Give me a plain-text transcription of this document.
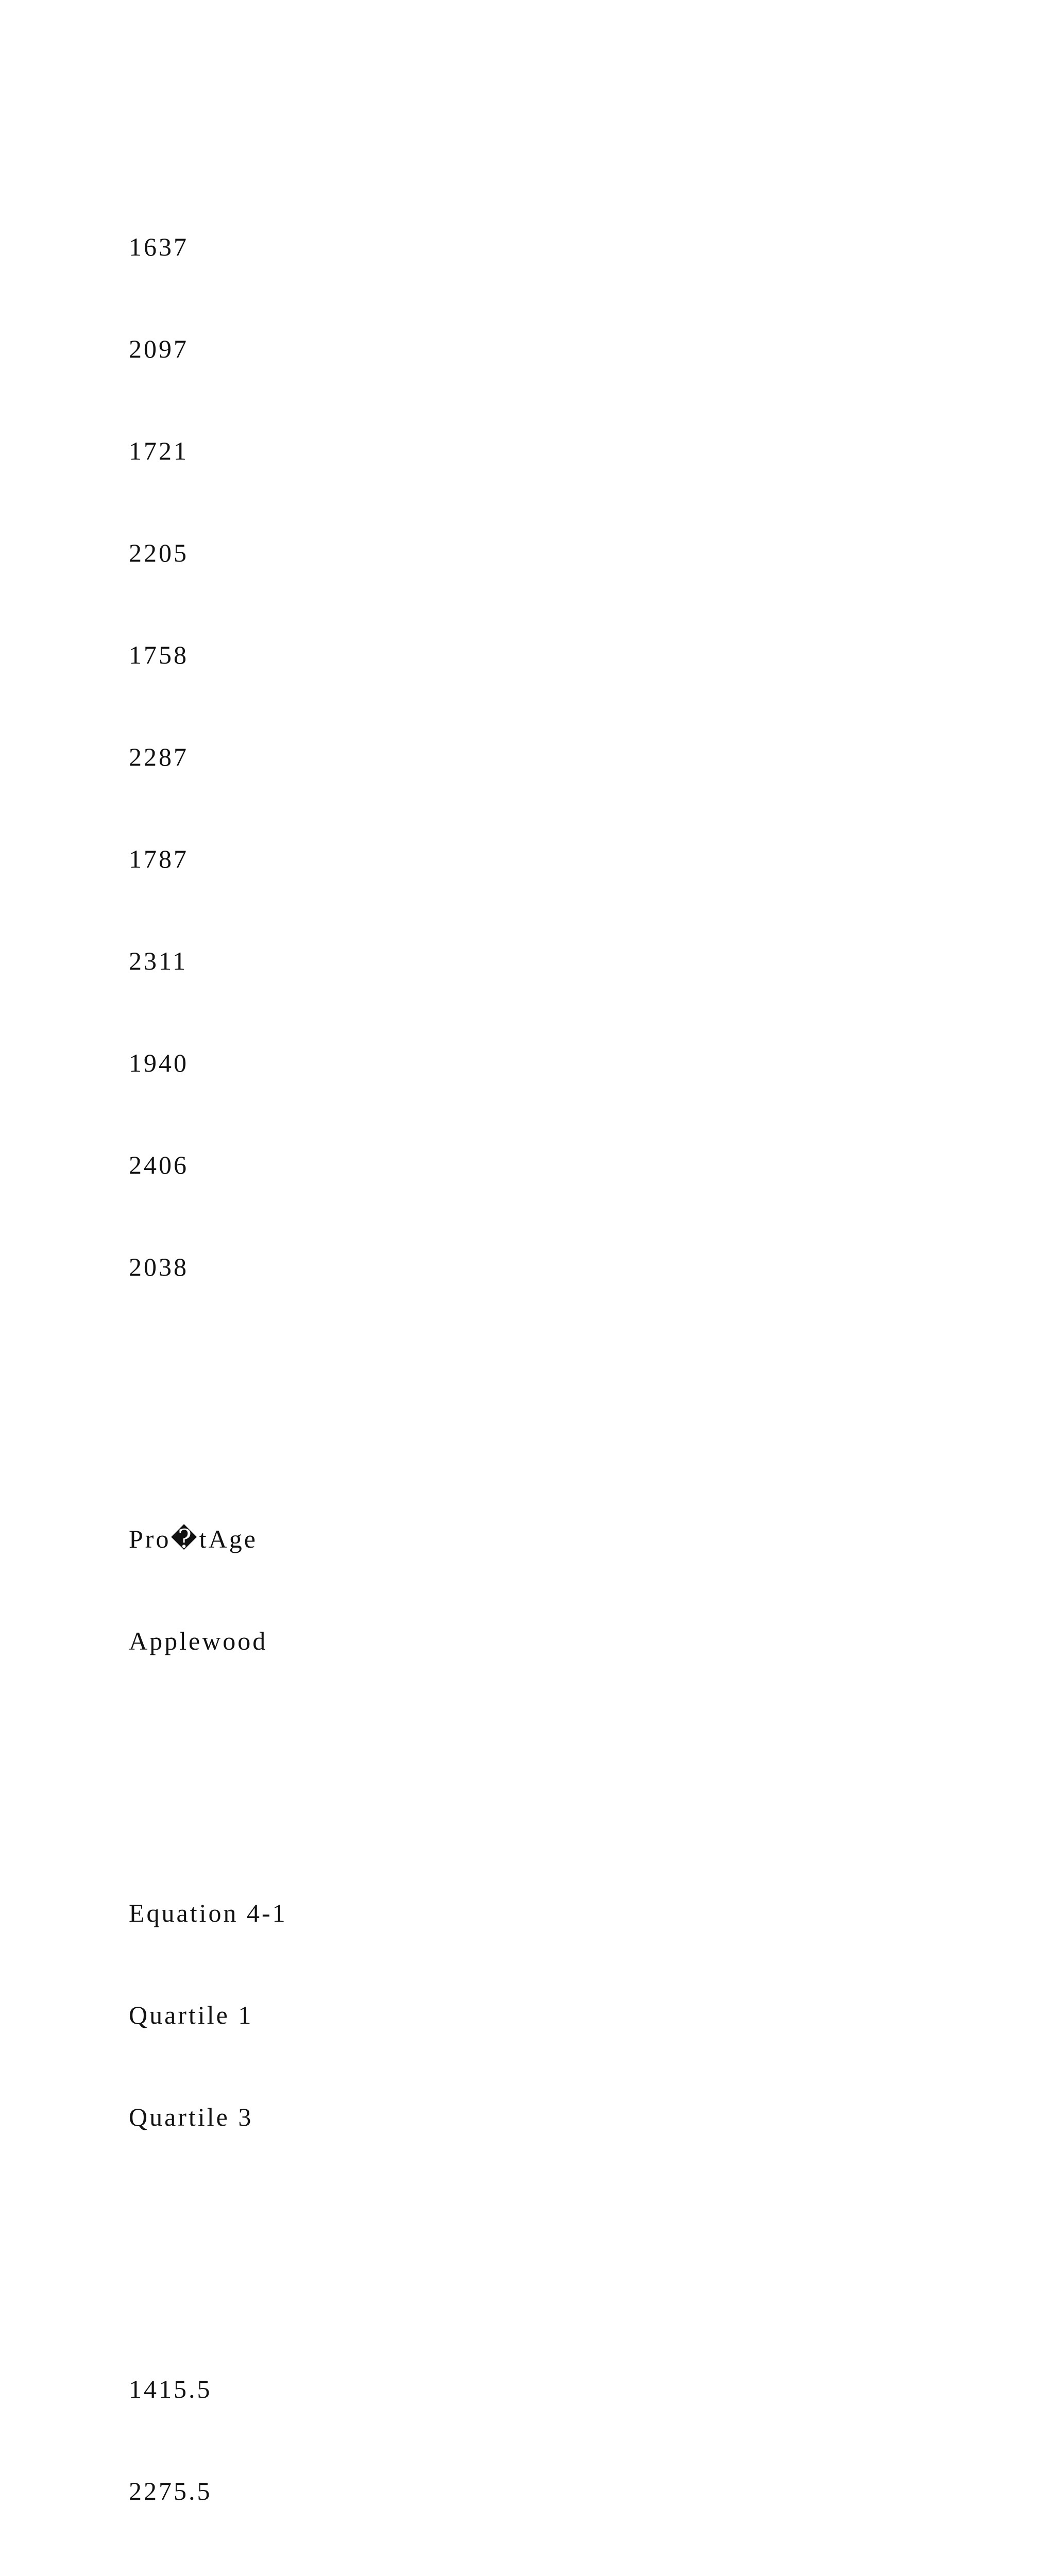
1637

2097

1721

2205

1758

2287

1787

2311

1940

2406

2038

Pro�tAge

Applewood

Equation 4-1

Quartile 1

Quartile 3

1415.5

2275.5
